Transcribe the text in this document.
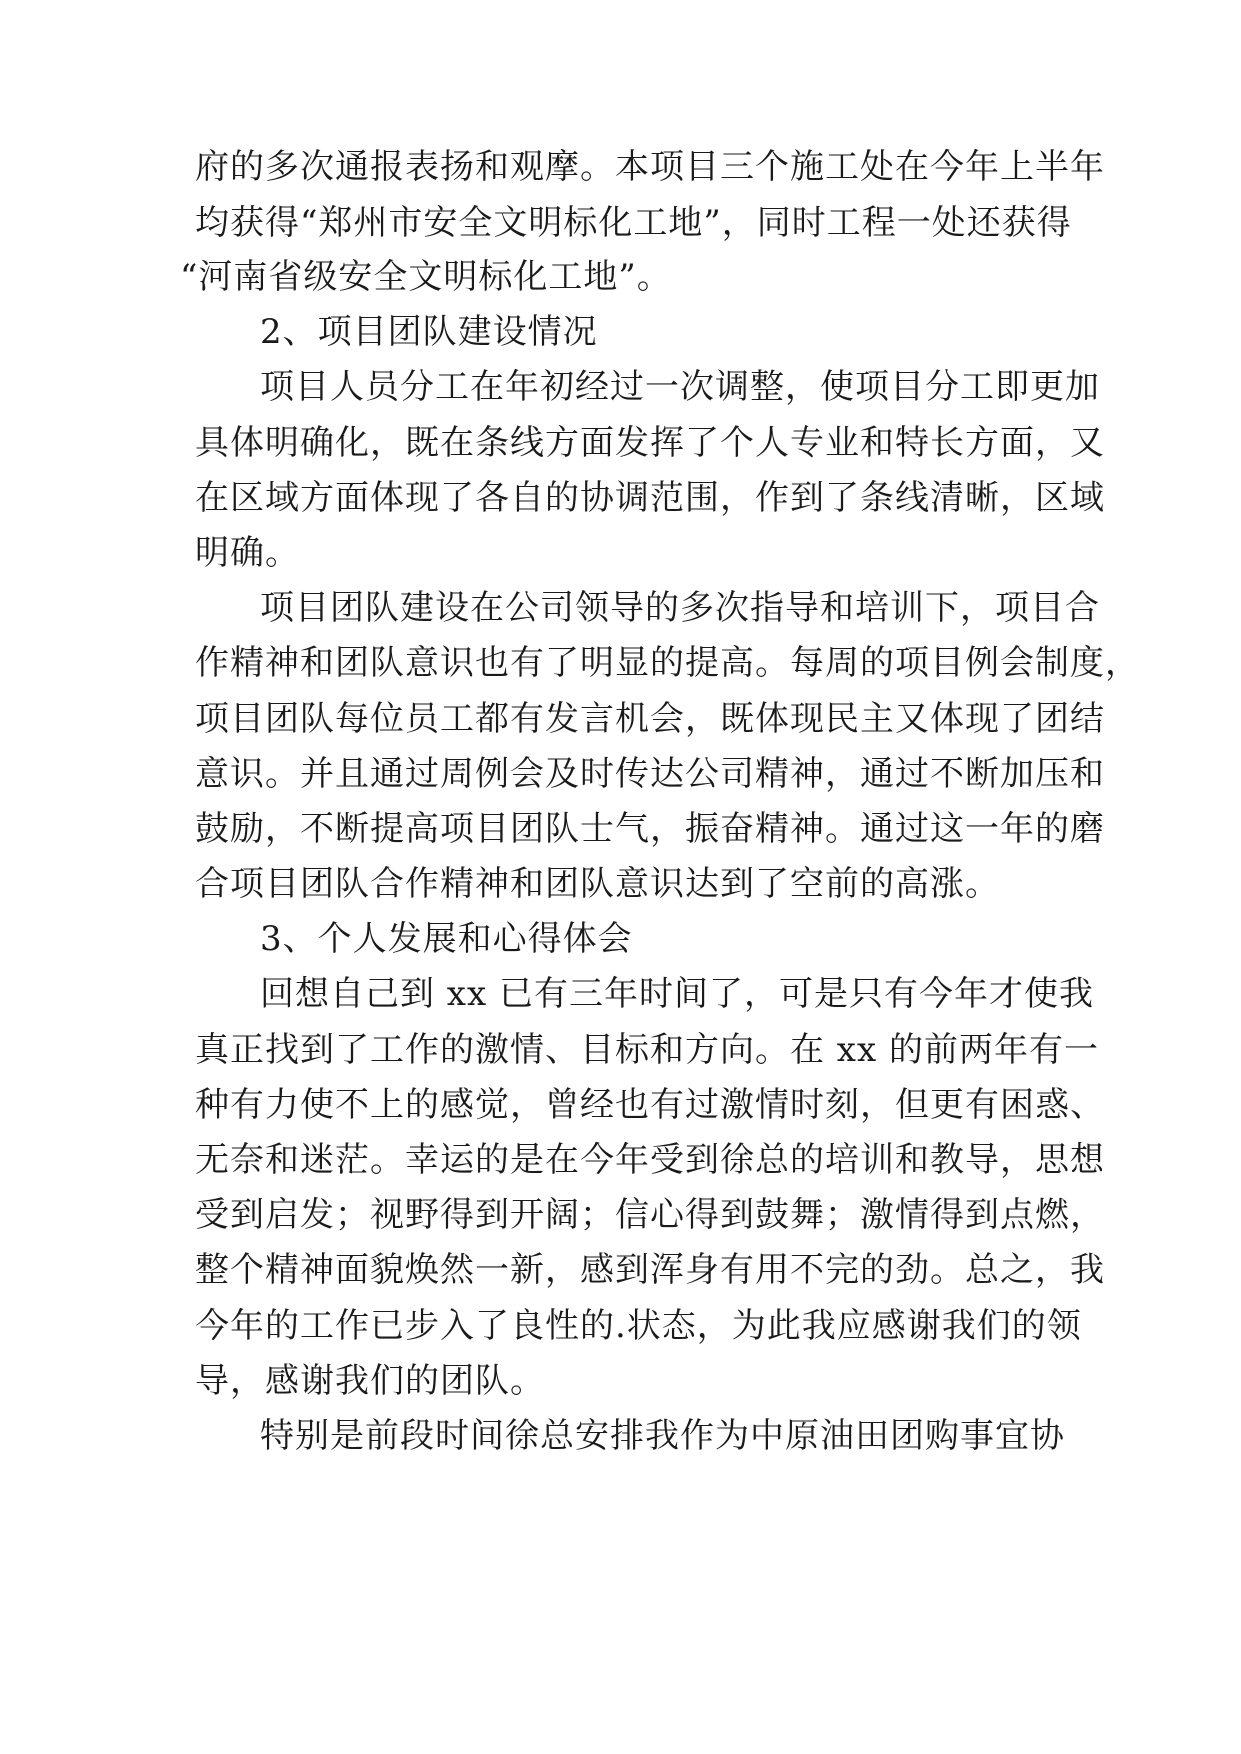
府的多次通报表扬和观摩。本项目三个施工处在今年上半年
均获得“郑州市安全文明标化工地”，同时工程一处还获得
“河南省级安全文明标化工地”。
2、项目团队建设情况
项目人员分工在年初经过一次调整，使项目分工即更加
具体明确化，既在条线方面发挥了个人专业和特长方面，又
在区域方面体现了各自的协调范围，作到了条线清晰，区域
明确。
项目团队建设在公司领导的多次指导和培训下，项目合
作精神和团队意识也有了明显的提高。每周的项目例会制度，
项目团队每位员工都有发言机会，既体现民主又体现了团结
意识。并且通过周例会及时传达公司精神，通过不断加压和
鼓励，不断提高项目团队士气，振奋精神。通过这一年的磨
合项目团队合作精神和团队意识达到了空前的高涨。
3、个人发展和心得体会
回想自己到 xx 已有三年时间了，可是只有今年才使我
真正找到了工作的激情、目标和方向。在 xx 的前两年有一
种有力使不上的感觉，曾经也有过激情时刻，但更有困惑、
无奈和迷茫。幸运的是在今年受到徐总的培训和教导，思想
受到启发；视野得到开阔；信心得到鼓舞；激情得到点燃，
整个精神面貌焕然一新，感到浑身有用不完的劲。总之，我
今年的工作已步入了良性的.状态，为此我应感谢我们的领
导，感谢我们的团队。
特别是前段时间徐总安排我作为中原油田团购事宜协
